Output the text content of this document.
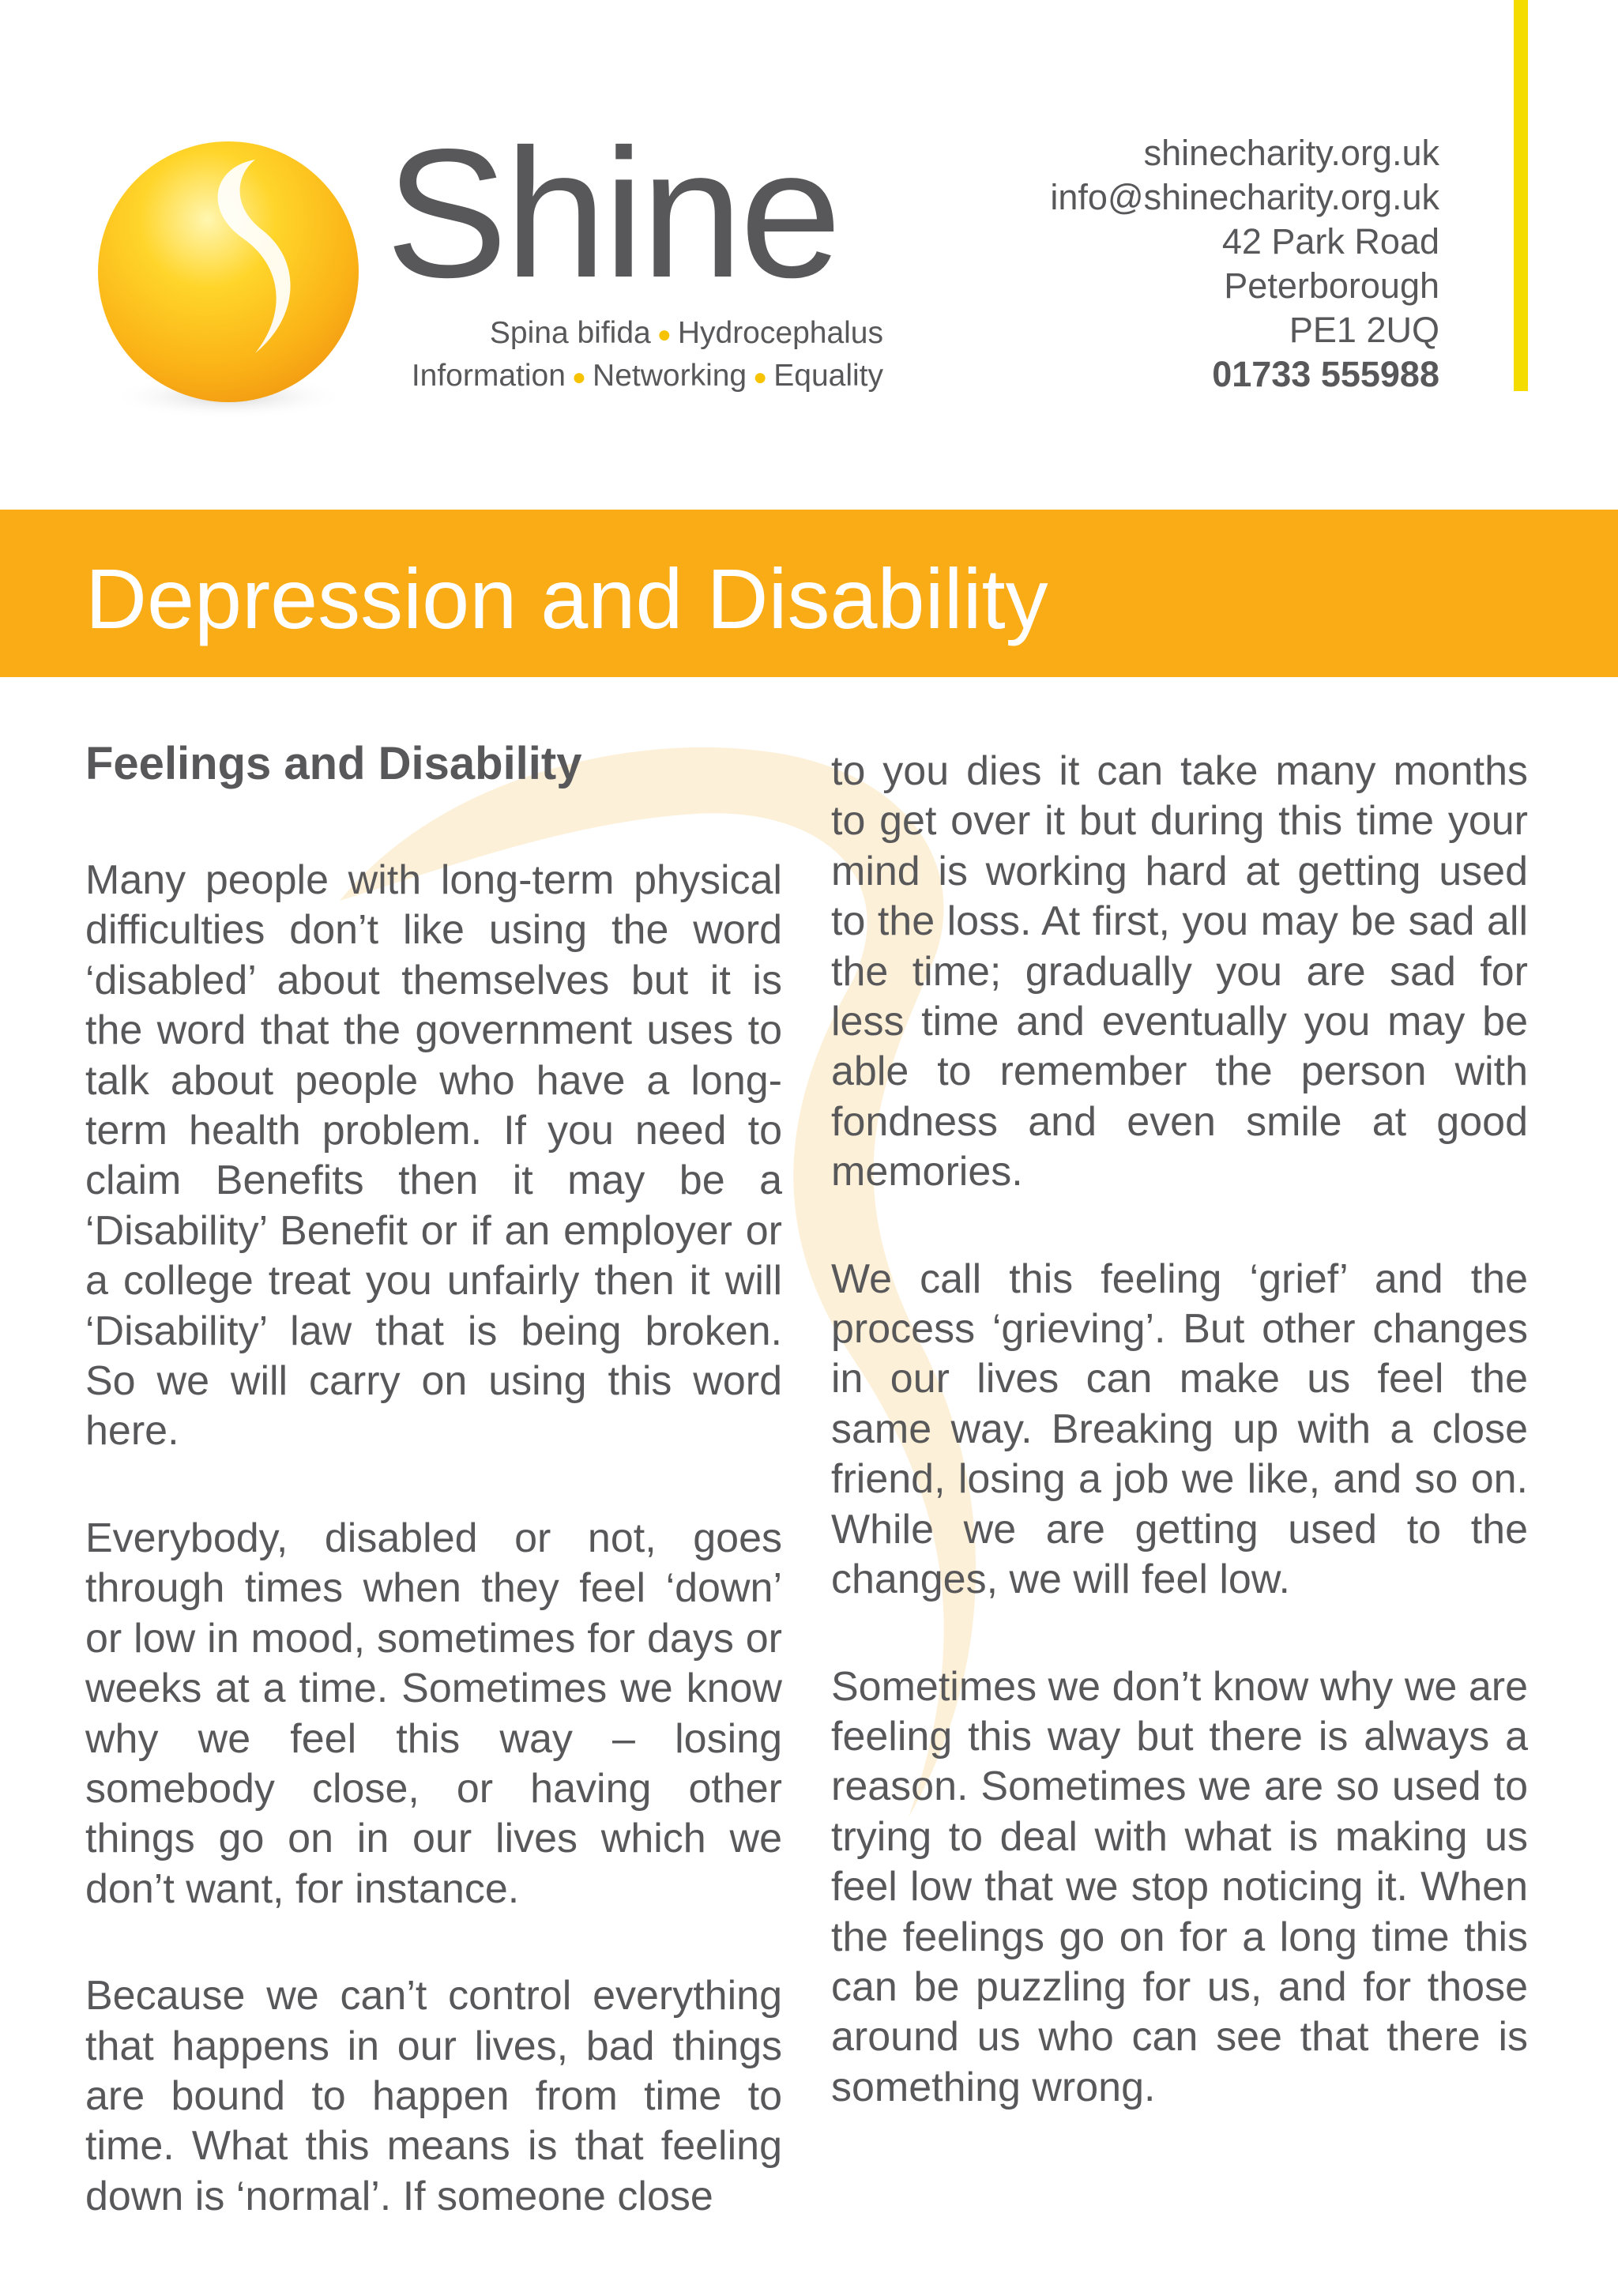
Shine
Spina bifida ● Hydrocephalus
Information ● Networking ● Equality
shinecharity.org.uk
info@shinecharity.org.uk
42 Park Road
Peterborough
PE1 2UQ
01733 555988
Depression and Disability
Feelings and Disability

Many people with long-term physical difficulties don’t like using the word ‘disabled’ about themselves but it is the word that the government uses to talk about people who have a long-term health problem. If you need to claim Benefits then it may be a ‘Disability’ Benefit or if an employer or a college treat you unfairly then it will ‘Disability’ law that is being broken. So we will carry on using this word here.

Everybody, disabled or not, goes through times when they feel ‘down’ or low in mood, sometimes for days or weeks at a time. Sometimes we know why we feel this way – losing somebody close, or having other things go on in our lives which we don’t want, for instance.

Because we can’t control everything that happens in our lives, bad things are bound to happen from time to time. What this means is that feeling down is ‘normal’. If someone close

to you dies it can take many months to get over it but during this time your mind is working hard at getting used to the loss. At first, you may be sad all the time; gradually you are sad for less time and eventually you may be able to remember the person with fondness and even smile at good memories.

We call this feeling ‘grief’ and the process ‘grieving’. But other changes in our lives can make us feel the same way. Breaking up with a close friend, losing a job we like, and so on. While we are getting used to the changes, we will feel low.

Sometimes we don’t know why we are feeling this way but there is always a reason. Sometimes we are so used to trying to deal with what is making us feel low that we stop noticing it. When the feelings go on for a long time this can be puzzling for us, and for those around us who can see that there is something wrong.
